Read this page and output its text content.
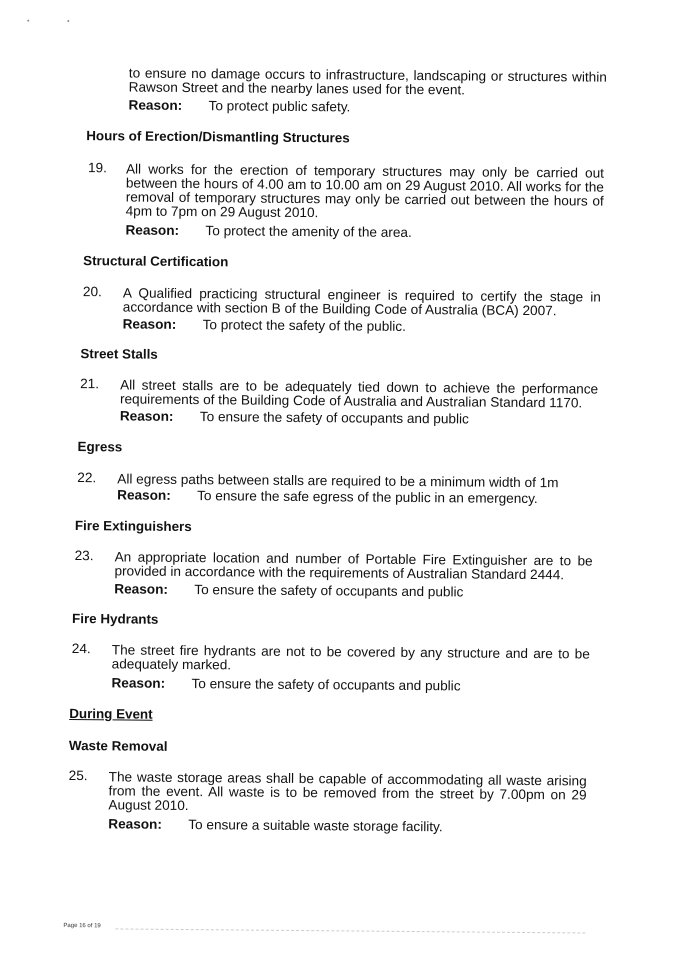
to ensure no damage occurs to infrastructure, landscaping or structures within Rawson Street and the nearby lanes used for the event.
Reason: To protect public safety.
Hours of Erection/Dismantling Structures
19. All works for the erection of temporary structures may only be carried out between the hours of 4.00 am to 10.00 am on 29 August 2010. All works for the removal of temporary structures may only be carried out between the hours of 4pm to 7pm on 29 August 2010.
Reason: To protect the amenity of the area.
Structural Certification
20. A Qualified practicing structural engineer is required to certify the stage in accordance with section B of the Building Code of Australia (BCA) 2007.
Reason: To protect the safety of the public.
Street Stalls
21. All street stalls are to be adequately tied down to achieve the performance requirements of the Building Code of Australia and Australian Standard 1170.
Reason: To ensure the safety of occupants and public
Egress
22. All egress paths between stalls are required to be a minimum width of 1m
Reason: To ensure the safe egress of the public in an emergency.
Fire Extinguishers
23. An appropriate location and number of Portable Fire Extinguisher are to be provided in accordance with the requirements of Australian Standard 2444.
Reason: To ensure the safety of occupants and public
Fire Hydrants
24. The street fire hydrants are not to be covered by any structure and are to be adequately marked.
Reason: To ensure the safety of occupants and public
During Event
Waste Removal
25. The waste storage areas shall be capable of accommodating all waste arising from the event. All waste is to be removed from the street by 7.00pm on 29 August 2010.
Reason: To ensure a suitable waste storage facility.
Page 16 of 19
